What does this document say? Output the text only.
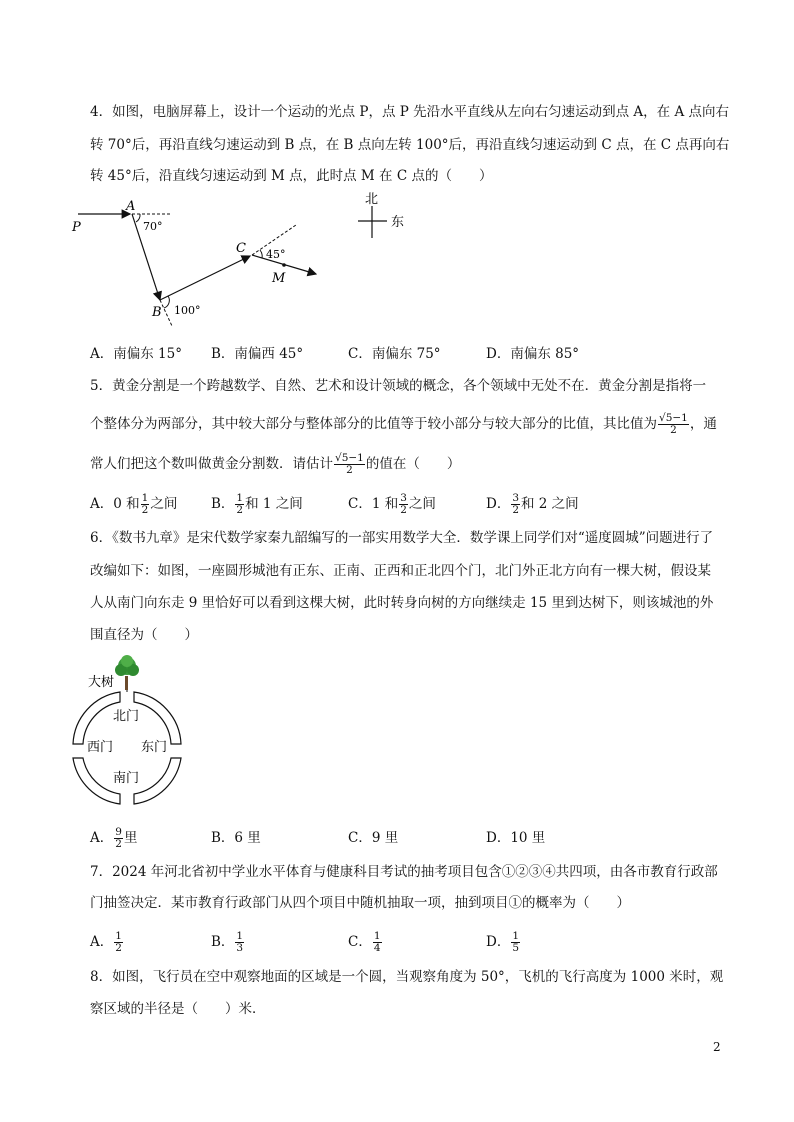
4．如图，电脑屏幕上，设计一个运动的光点 P，点 P 先沿水平直线从左向右匀速运动到点 A，在 A 点向右
转 70°后，再沿直线匀速运动到 B 点，在 B 点向左转 100°后，再沿直线匀速运动到 C 点，在 C 点再向右
转 45°后，沿直线匀速运动到 M 点，此时点 M 在 C 点的（　　）
P
A
70°
B 100°
C 45°
M
北
东
A．南偏东 15° B．南偏西 45°	C．南偏东 75°	D．南偏东 85°
5．黄金分割是一个跨越数学、自然、艺术和设计领域的概念，各个领域中无处不在．黄金分割是指将一
个整体分为两部分，其中较大部分与整体部分的比值等于较小部分与较大部分的比值，其比值为 $\frac{√5-1}{2}$ ，通
常人们把这个数叫做黄金分割数．请估计 $\frac{√5-1}{2}$ 的值在（　　）
A．0 和 $\frac{1}{2}$ 之间 B． $\frac{1}{2}$ 和 1 之间	C．1 和 $\frac{3}{2}$ 之间	D． $\frac{3}{2}$ 和 2 之间
6．《数书九章》是宋代数学家秦九韶编写的一部实用数学大全．数学课上同学们对“遥度圆城”问题进行了
改编如下：如图，一座圆形城池有正东、正南、正西和正北四个门，北门外正北方向有一棵大树，假设某
人从南门向东走 9 里恰好可以看到这棵大树，此时转身向树的方向继续走 15 里到达树下，则该城池的外
围直径为（　　）
大树
北门
西门 东门
南门
A． $\frac{9}{2}$ 里	B．6 里	C．9 里	D．10 里
7．2024 年河北省初中学业水平体育与健康科目考试的抽考项目包含①②③④共四项，由各市教育行政部
门抽签决定．某市教育行政部门从四个项目中随机抽取一项，抽到项目①的概率为（　　）
A． $\frac{1}{2}$	B． $\frac{1}{3}$	C． $\frac{1}{4}$	D． $\frac{1}{5}$
8．如图，飞行员在空中观察地面的区域是一个圆，当观察角度为 50°，飞机的飞行高度为 1000 米时，观
察区域的半径是（　　）米．
2
